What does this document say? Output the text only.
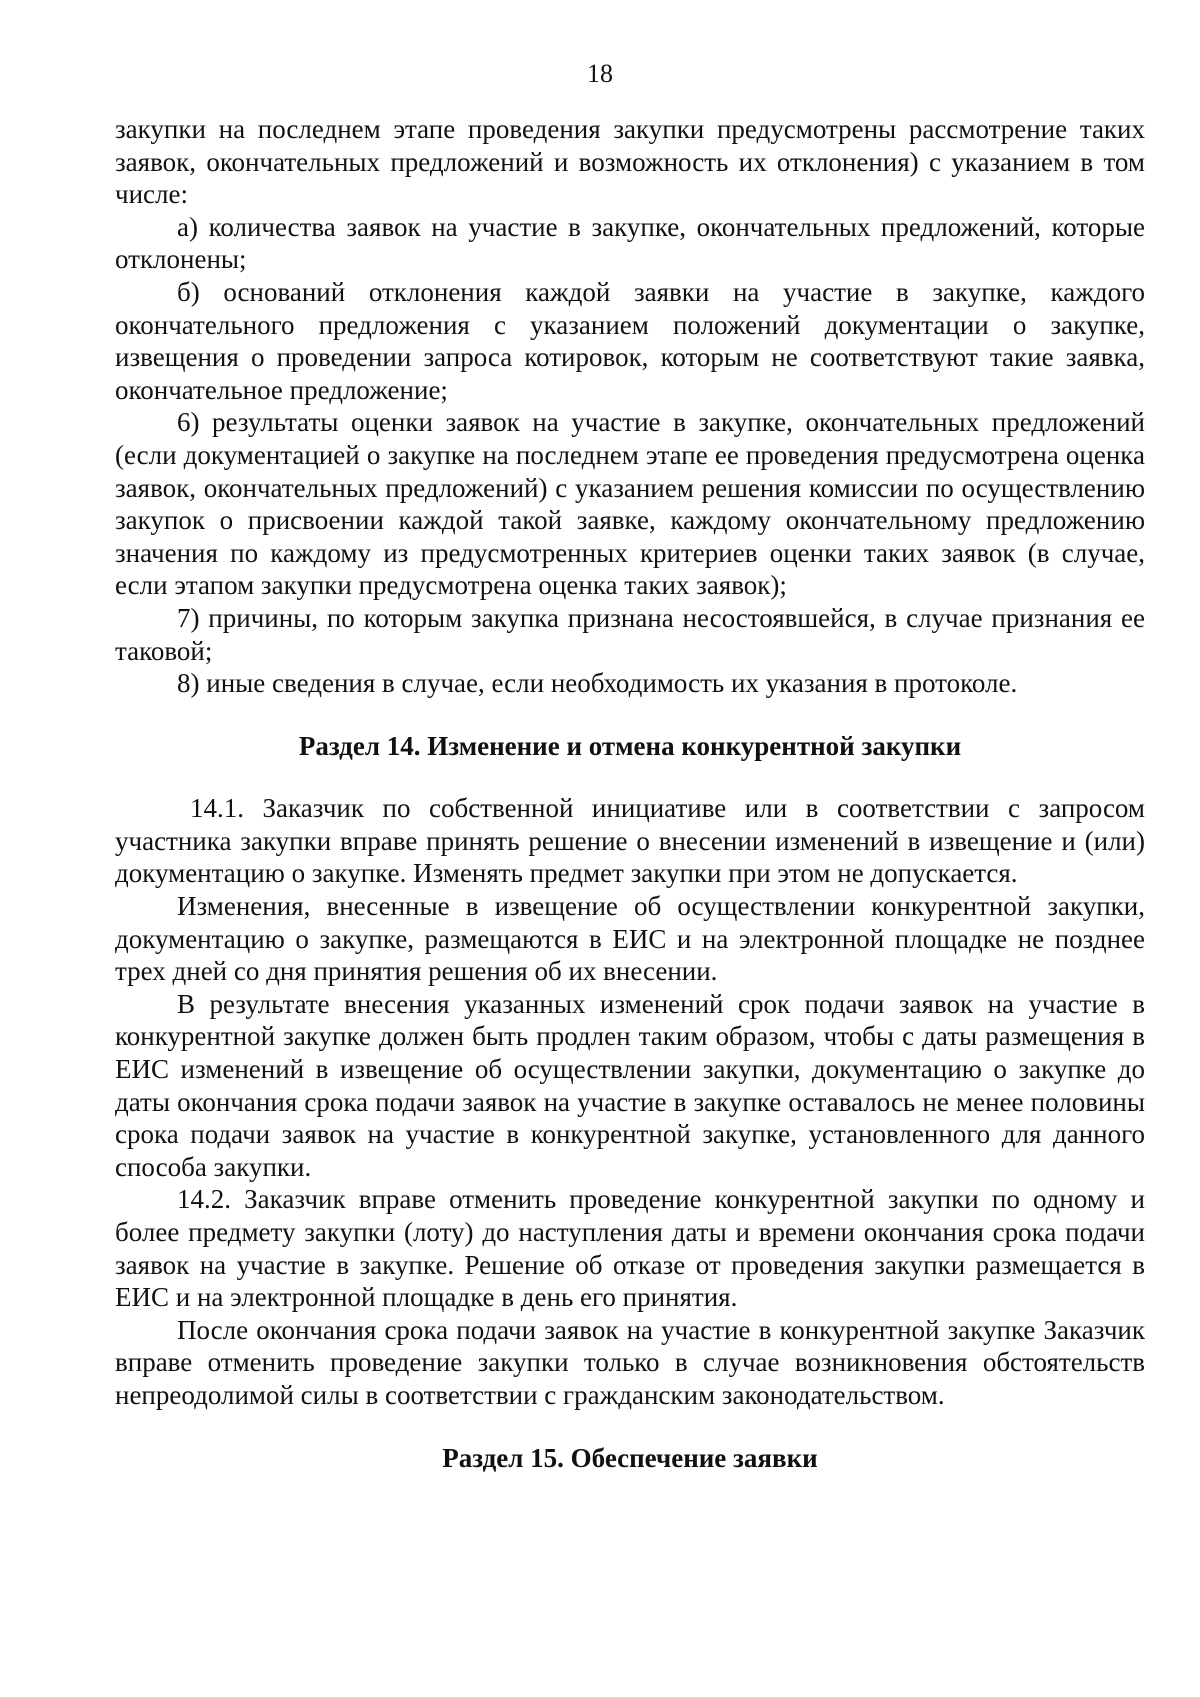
18

закупки на последнем этапе проведения закупки предусмотрены рассмотрение таких заявок, окончательных предложений и возможность их отклонения) с указанием в том числе:

а) количества заявок на участие в закупке, окончательных предложений, которые отклонены;

б) оснований отклонения каждой заявки на участие в закупке, каждого окончательного предложения с указанием положений документации о закупке, извещения о проведении запроса котировок, которым не соответствуют такие заявка, окончательное предложение;

6) результаты оценки заявок на участие в закупке, окончательных предложений (если документацией о закупке на последнем этапе ее проведения предусмотрена оценка заявок, окончательных предложений) с указанием решения комиссии по осуществлению закупок о присвоении каждой такой заявке, каждому окончательному предложению значения по каждому из предусмотренных критериев оценки таких заявок (в случае, если этапом закупки предусмотрена оценка таких заявок);

7) причины, по которым закупка признана несостоявшейся, в случае признания ее таковой;

8) иные сведения в случае, если необходимость их указания в протоколе.

Раздел 14. Изменение и отмена конкурентной закупки

14.1. Заказчик по собственной инициативе или в соответствии с запросом участника закупки вправе принять решение о внесении изменений в извещение и (или) документацию о закупке. Изменять предмет закупки при этом не допускается.

Изменения, внесенные в извещение об осуществлении конкурентной закупки, документацию о закупке, размещаются в ЕИС и на электронной площадке не позднее трех дней со дня принятия решения об их внесении.

В результате внесения указанных изменений срок подачи заявок на участие в конкурентной закупке должен быть продлен таким образом, чтобы с даты размещения в ЕИС изменений в извещение об осуществлении закупки, документацию о закупке до даты окончания срока подачи заявок на участие в закупке оставалось не менее половины срока подачи заявок на участие в конкурентной закупке, установленного для данного способа закупки.

14.2. Заказчик вправе отменить проведение конкурентной закупки по одному и более предмету закупки (лоту) до наступления даты и времени окончания срока подачи заявок на участие в закупке. Решение об отказе от проведения закупки размещается в ЕИС и на электронной площадке в день его принятия.

После окончания срока подачи заявок на участие в конкурентной закупке Заказчик вправе отменить проведение закупки только в случае возникновения обстоятельств непреодолимой силы в соответствии с гражданским законодательством.

Раздел 15. Обеспечение заявки
